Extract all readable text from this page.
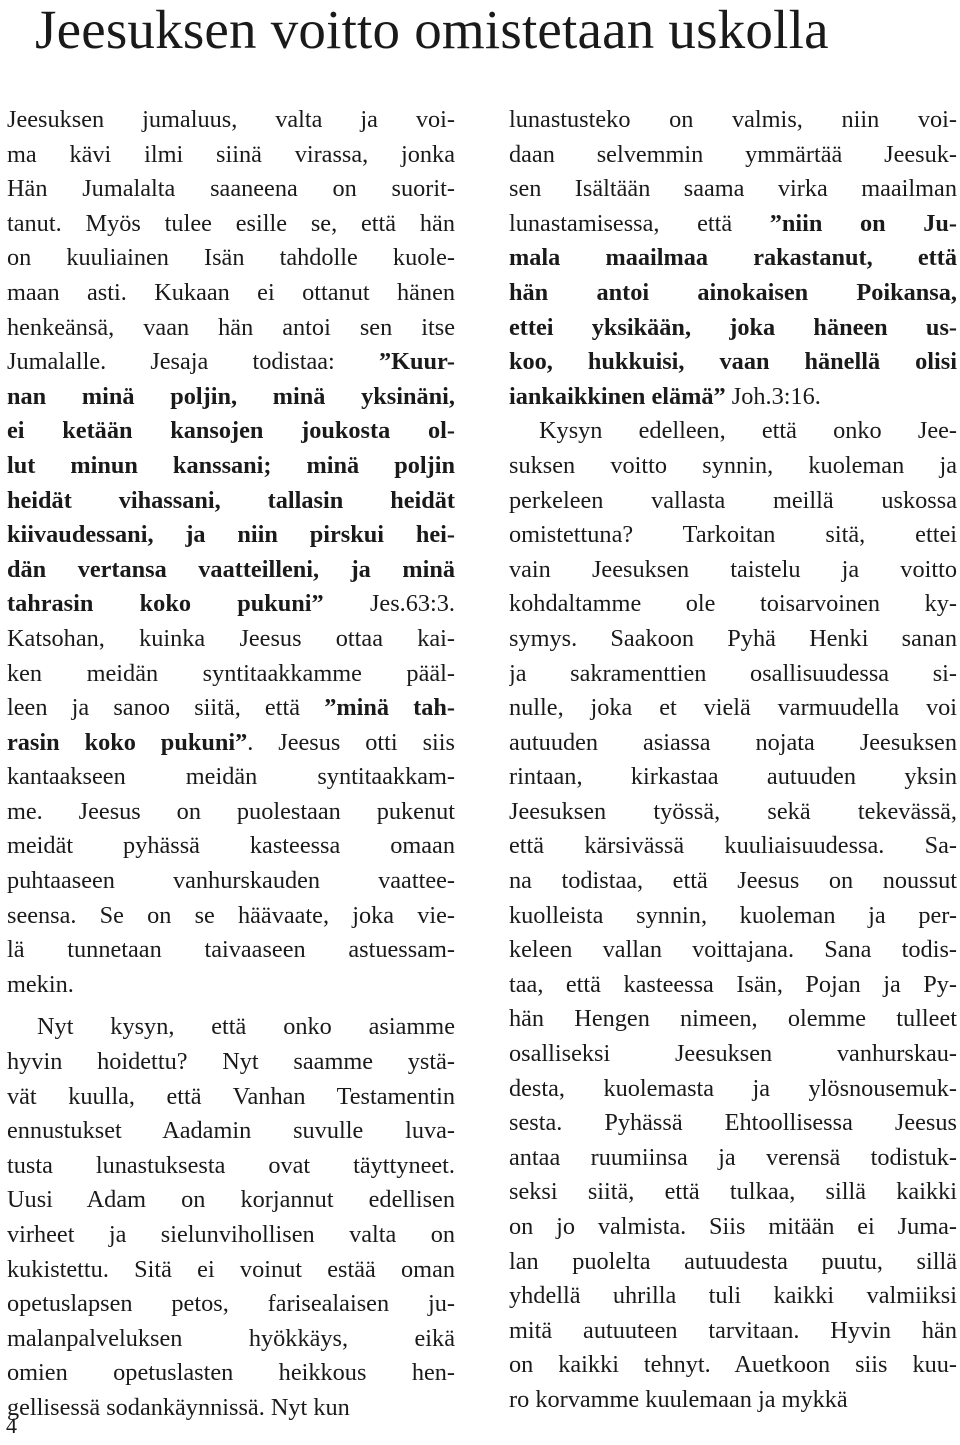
Jeesuksen voitto omistetaan uskolla
Jeesuksen jumaluus, valta ja voi-
ma kävi ilmi siinä virassa, jonka
Hän Jumalalta saaneena on suorit-
tanut. Myös tulee esille se, että hän
on kuuliainen Isän tahdolle kuole-
maan asti. Kukaan ei ottanut hänen
henkeänsä, vaan hän antoi sen itse
Jumalalle. Jesaja todistaa: ”Kuur-
nan minä poljin, minä yksinäni,
ei ketään kansojen joukosta ol-
lut minun kanssani; minä poljin
heidät vihassani, tallasin heidät
kiivaudessani, ja niin pirskui hei-
dän vertansa vaatteilleni, ja minä
tahrasin koko pukuni” Jes.63:3.
Katsohan, kuinka Jeesus ottaa kai-
ken meidän syntitaakkamme pääl-
leen ja sanoo siitä, että ”minä tah-
rasin koko pukuni”. Jeesus otti siis
kantaakseen meidän syntitaakkam-
me. Jeesus on puolestaan pukenut
meidät pyhässä kasteessa omaan
puhtaaseen vanhurskauden vaattee-
seensa. Se on se häävaate, joka vie-
lä tunnetaan taivaaseen astuessam-
mekin.
Nyt kysyn, että onko asiamme
hyvin hoidettu? Nyt saamme ystä-
vät kuulla, että Vanhan Testamentin
ennustukset Aadamin suvulle luva-
tusta lunastuksesta ovat täyttyneet.
Uusi Adam on korjannut edellisen
virheet ja sielunvihollisen valta on
kukistettu. Sitä ei voinut estää oman
opetuslapsen petos, farisealaisen ju-
malanpalveluksen hyökkäys, eikä
omien opetuslasten heikkous hen-
gellisessä sodankäynnissä. Nyt kun
lunastusteko on valmis, niin voi-
daan selvemmin ymmärtää Jeesuk-
sen Isältään saama virka maailman
lunastamisessa, että ”niin on Ju-
mala maailmaa rakastanut, että
hän antoi ainokaisen Poikansa,
ettei yksikään, joka häneen us-
koo, hukkuisi, vaan hänellä olisi
iankaikkinen elämä” Joh.3:16.
Kysyn edelleen, että onko Jee-
suksen voitto synnin, kuoleman ja
perkeleen vallasta meillä uskossa
omistettuna? Tarkoitan sitä, ettei
vain Jeesuksen taistelu ja voitto
kohdaltamme ole toisarvoinen ky-
symys. Saakoon Pyhä Henki sanan
ja sakramenttien osallisuudessa si-
nulle, joka et vielä varmuudella voi
autuuden asiassa nojata Jeesuksen
rintaan, kirkastaa autuuden yksin
Jeesuksen työssä, sekä tekevässä,
että kärsivässä kuuliaisuudessa. Sa-
na todistaa, että Jeesus on noussut
kuolleista synnin, kuoleman ja per-
keleen vallan voittajana. Sana todis-
taa, että kasteessa Isän, Pojan ja Py-
hän Hengen nimeen, olemme tulleet
osalliseksi Jeesuksen vanhurskau-
desta, kuolemasta ja ylösnousemuk-
sesta. Pyhässä Ehtoollisessa Jeesus
antaa ruumiinsa ja verensä todistuk-
seksi siitä, että tulkaa, sillä kaikki
on jo valmista. Siis mitään ei Juma-
lan puolelta autuudesta puutu, sillä
yhdellä uhrilla tuli kaikki valmiiksi
mitä autuuteen tarvitaan. Hyvin hän
on kaikki tehnyt. Auetkoon siis kuu-
ro korvamme kuulemaan ja mykkä
4
